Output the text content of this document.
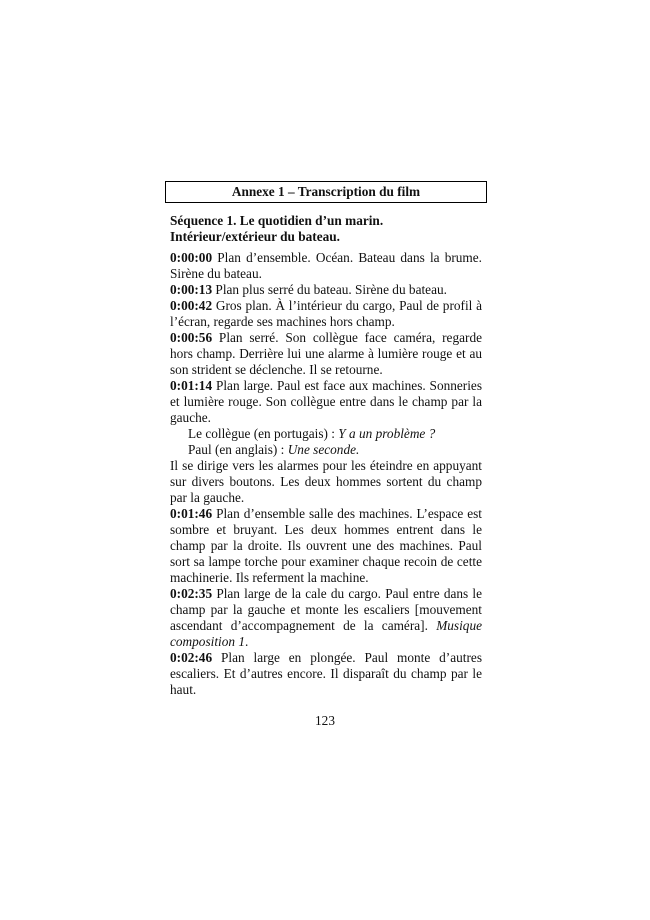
Annexe 1 – Transcription du film
Séquence 1. Le quotidien d’un marin.
Intérieur/extérieur du bateau.

0:00:00 Plan d’ensemble. Océan. Bateau dans la brume. Sirène du bateau.

0:00:13 Plan plus serré du bateau. Sirène du bateau.

0:00:42 Gros plan. À l’intérieur du cargo, Paul de profil à l’écran, regarde ses machines hors champ.

0:00:56 Plan serré. Son collègue face caméra, regarde hors champ. Derrière lui une alarme à lumière rouge et au son strident se déclenche. Il se retourne.

0:01:14 Plan large. Paul est face aux machines. Sonneries et lumière rouge. Son collègue entre dans le champ par la gauche.

Le collègue (en portugais) : Y a un problème ?

Paul (en anglais) : Une seconde.

Il se dirige vers les alarmes pour les éteindre en appuyant sur divers boutons. Les deux hommes sortent du champ par la gauche.

0:01:46 Plan d’ensemble salle des machines. L’espace est sombre et bruyant. Les deux hommes entrent dans le champ par la droite. Ils ouvrent une des machines. Paul sort sa lampe torche pour examiner chaque recoin de cette machinerie. Ils referment la machine.

0:02:35 Plan large de la cale du cargo. Paul entre dans le champ par la gauche et monte les escaliers [mouvement ascendant d’accompagnement de la caméra]. Musique composition 1.

0:02:46 Plan large en plongée. Paul monte d’autres escaliers. Et d’autres encore. Il disparaît du champ par le haut.

123
